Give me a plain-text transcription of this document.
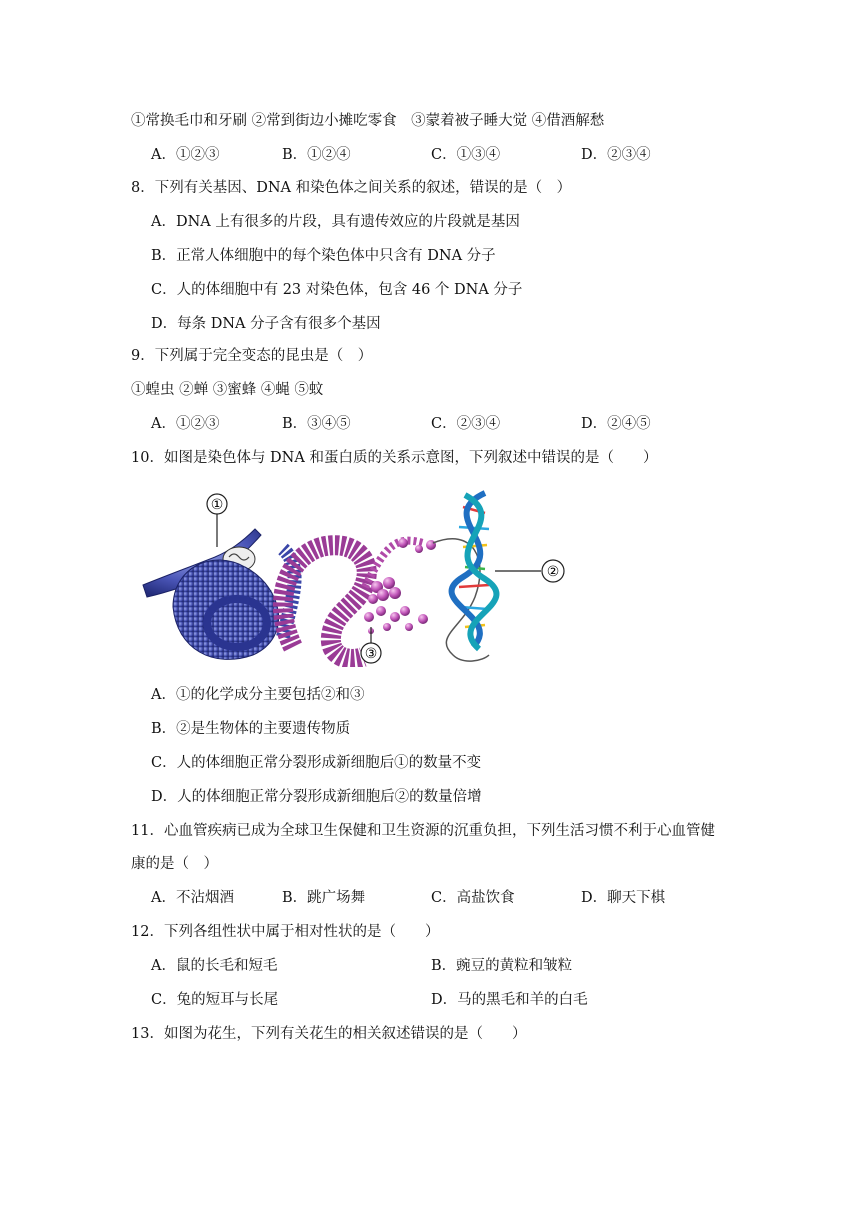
①常换毛巾和牙刷 ②常到街边小摊吃零食　③蒙着被子睡大觉 ④借酒解愁
A．①②③	B．①②④	C．①③④	D．②③④
8．下列有关基因、DNA 和染色体之间关系的叙述，错误的是（　）
A．DNA 上有很多的片段，具有遗传效应的片段就是基因
B．正常人体细胞中的每个染色体中只含有 DNA 分子
C．人的体细胞中有 23 对染色体，包含 46 个 DNA 分子
D．每条 DNA 分子含有很多个基因
9．下列属于完全变态的昆虫是（　）
①蝗虫 ②蝉 ③蜜蜂 ④蝇 ⑤蚊
A．①②③	B．③④⑤	C．②③④	D．②④⑤
10．如图是染色体与 DNA 和蛋白质的关系示意图，下列叙述中错误的是（　　）
①
②
③
A．①的化学成分主要包括②和③
B．②是生物体的主要遗传物质
C．人的体细胞正常分裂形成新细胞后①的数量不变
D．人的体细胞正常分裂形成新细胞后②的数量倍增
11．心血管疾病已成为全球卫生保健和卫生资源的沉重负担，下列生活习惯不利于心血管健
康的是（　）
A．不沾烟酒	B．跳广场舞	C．高盐饮食	D．聊天下棋
12．下列各组性状中属于相对性状的是（　　）
A．鼠的长毛和短毛	B．豌豆的黄粒和皱粒
C．兔的短耳与长尾	D．马的黑毛和羊的白毛
13．如图为花生，下列有关花生的相关叙述错误的是（　　）
